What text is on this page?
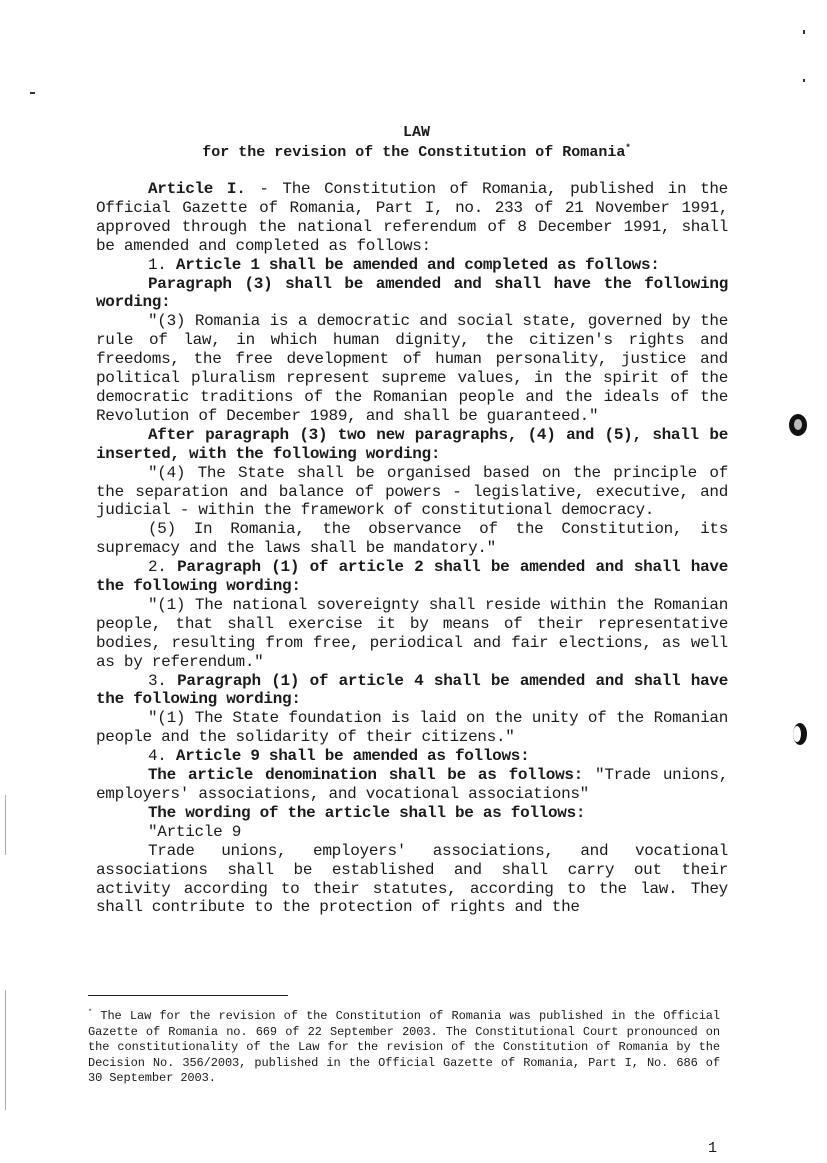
LAW
for the revision of the Constitution of Romania*

Article I. - The Constitution of Romania, published in the Official Gazette of Romania, Part I, no. 233 of 21 November 1991, approved through the national referendum of 8 December 1991, shall be amended and completed as follows:

1. Article 1 shall be amended and completed as follows:

Paragraph (3) shall be amended and shall have the following wording:

"(3) Romania is a democratic and social state, governed by the rule of law, in which human dignity, the citizen's rights and freedoms, the free development of human personality, justice and political pluralism represent supreme values, in the spirit of the democratic traditions of the Romanian people and the ideals of the Revolution of December 1989, and shall be guaranteed."

After paragraph (3) two new paragraphs, (4) and (5), shall be inserted, with the following wording:

"(4) The State shall be organised based on the principle of the separation and balance of powers - legislative, executive, and judicial - within the framework of constitutional democracy.

(5) In Romania, the observance of the Constitution, its supremacy and the laws shall be mandatory."

2. Paragraph (1) of article 2 shall be amended and shall have the following wording:

"(1) The national sovereignty shall reside within the Romanian people, that shall exercise it by means of their representative bodies, resulting from free, periodical and fair elections, as well as by referendum."

3. Paragraph (1) of article 4 shall be amended and shall have the following wording:

"(1) The State foundation is laid on the unity of the Romanian people and the solidarity of their citizens."

4. Article 9 shall be amended as follows:

The article denomination shall be as follows: "Trade unions, employers' associations, and vocational associations"

The wording of the article shall be as follows:

"Article 9

Trade unions, employers' associations, and vocational associations shall be established and shall carry out their activity according to their statutes, according to the law. They shall contribute to the protection of rights and the

* The Law for the revision of the Constitution of Romania was published in the Official Gazette of Romania no. 669 of 22 September 2003. The Constitutional Court pronounced on the constitutionality of the Law for the revision of the Constitution of Romania by the Decision No. 356/2003, published in the Official Gazette of Romania, Part I, No. 686 of 30 September 2003.
1
